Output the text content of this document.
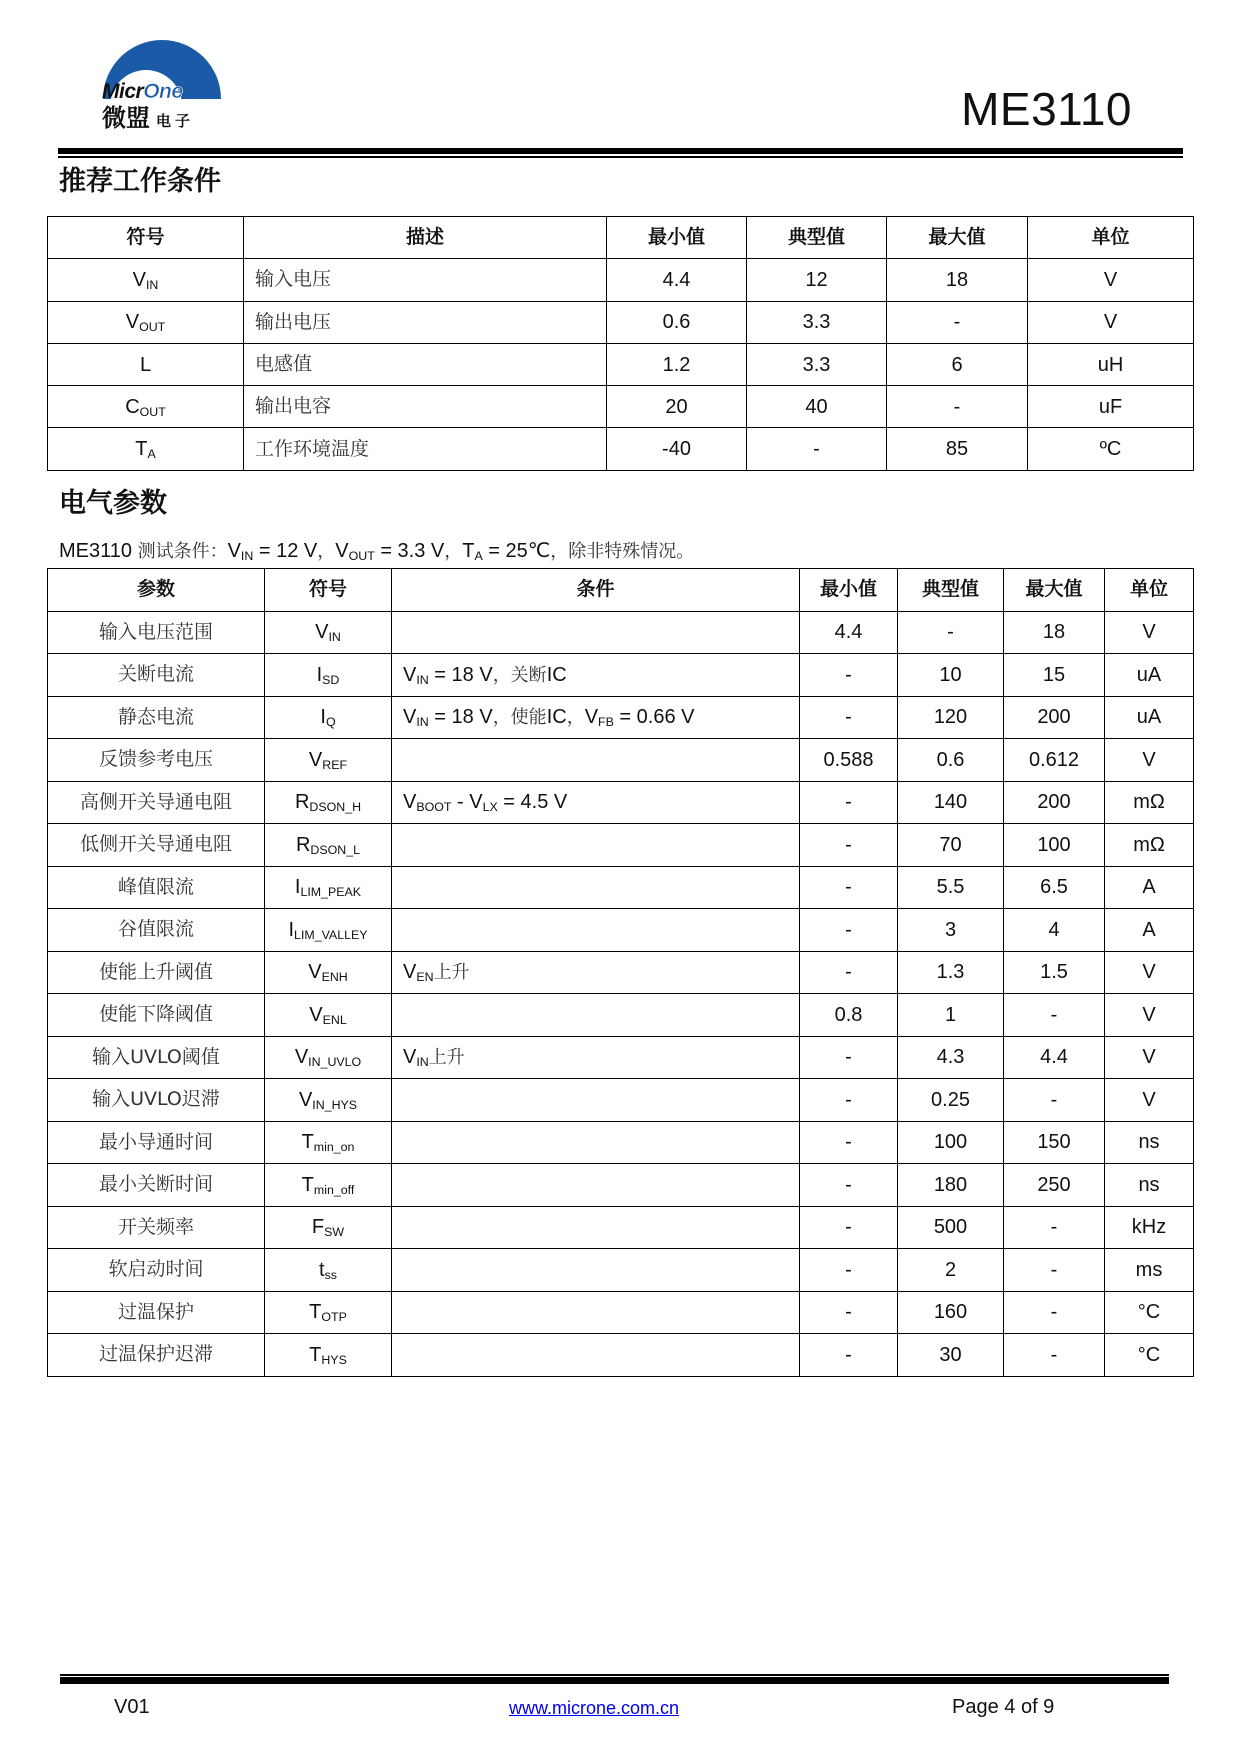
MicrOne
微盟 电子	ME3110
推荐工作条件
符号	描述	最小值	典型值	最大值	单位
$V_{IN}$	输入电压	4.4	12	18	V
$V_{OUT}$	输出电压	0.6	3.3	-	V
L	电感值	1.2	3.3	6	uH
$C_{OUT}$	输出电容	20	40	-	uF
$T_A$	工作环境温度	-40	-	85	ºC
电气参数
ME3110 测试条件：$V_{IN} = 12$ V，$V_{OUT} = 3.3$ V，$T_A$ = 25℃，除非特殊情况。
参数	符号	条件	最小值	典型值	最大值	单位
输入电压范围	$V_{IN}$		4.4	-	18	V
关断电流	$I_{SD}$	$V_{IN} = 18$ V，关断IC	-	10	15	uA
静态电流	$I_Q$	$V_{IN} = 18$ V，使能IC，$V_{FB} = 0.66$ V	-	120	200	uA
反馈参考电压	$V_{REF}$		0.588	0.6	0.612	V
高侧开关导通电阻	$R_{DSON\_H}$	$V_{BOOT} - V_{LX} = 4.5$ V	-	140	200	mΩ
低侧开关导通电阻	$R_{DSON\_L}$		-	70	100	mΩ
峰值限流	$I_{LIM\_PEAK}$		-	5.5	6.5	A
谷值限流	$I_{LIM\_VALLEY}$		-	3	4	A
使能上升阈值	$V_{ENH}$	$V_{EN}$上升	-	1.3	1.5	V
使能下降阈值	$V_{ENL}$		0.8	1	-	V
输入UVLO阈值	$V_{IN\_UVLO}$	$V_{IN}$上升	-	4.3	4.4	V
输入UVLO迟滞	$V_{IN\_HYS}$		-	0.25	-	V
最小导通时间	$T_{min\_on}$		-	100	150	ns
最小关断时间	$T_{min\_off}$		-	180	250	ns
开关频率	$F_{SW}$		-	500	-	kHz
软启动时间	$t_{ss}$		-	2	-	ms
过温保护	$T_{OTP}$		-	160	-	°C
过温保护迟滞	$T_{HYS}$		-	30	-	°C
V01	www.microne.com.cn	Page 4 of 9
